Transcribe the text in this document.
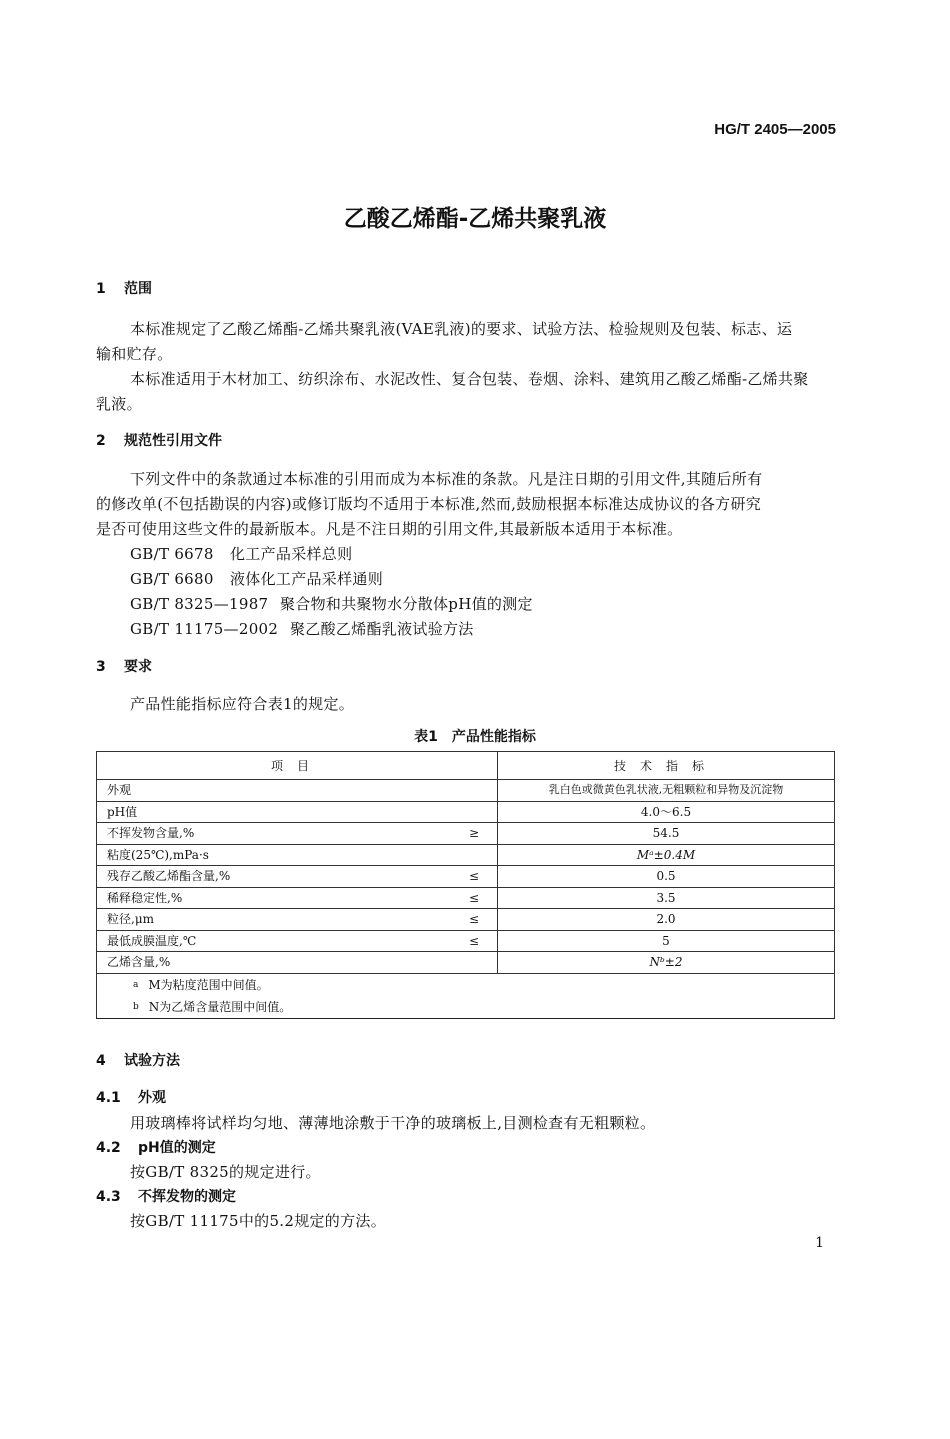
HG/T 2405—2005
乙酸乙烯酯-乙烯共聚乳液
1 范围
本标准规定了乙酸乙烯酯-乙烯共聚乳液(VAE乳液)的要求、试验方法、检验规则及包装、标志、运
输和贮存。
本标准适用于木材加工、纺织涂布、水泥改性、复合包装、卷烟、涂料、建筑用乙酸乙烯酯-乙烯共聚
乳液。
2 规范性引用文件
下列文件中的条款通过本标准的引用而成为本标准的条款。凡是注日期的引用文件,其随后所有
的修改单(不包括勘误的内容)或修订版均不适用于本标准,然而,鼓励根据本标准达成协议的各方研究
是否可使用这些文件的最新版本。凡是不注日期的引用文件,其最新版本适用于本标准。
GB/T 6678 化工产品采样总则
GB/T 6680 液体化工产品采样通则
GB/T 8325—1987 聚合物和共聚物水分散体pH值的测定
GB/T 11175—2002 聚乙酸乙烯酯乳液试验方法
3 要求
产品性能指标应符合表1的规定。
表1　产品性能指标
项目	技术指标
外观	乳白色或微黄色乳状液,无粗颗粒和异物及沉淀物
pH值	4.0～6.5
不挥发物含量,% ≥	54.5
粘度(25℃),mPa·s	Mᵃ±0.4M
残存乙酸乙烯酯含量,% ≤	0.5
稀释稳定性,% ≤	3.5
粒径,μm ≤	2.0
最低成膜温度,℃ ≤	5
乙烯含量,%	Nᵇ±2
$^a$ M为粘度范围中间值。	
$^b$ N为乙烯含量范围中间值。	
4 试验方法
4.1 外观
用玻璃棒将试样均匀地、薄薄地涂敷于干净的玻璃板上,目测检查有无粗颗粒。
4.2 pH值的测定
按GB/T 8325的规定进行。
4.3 不挥发物的测定
按GB/T 11175中的5.2规定的方法。
1
